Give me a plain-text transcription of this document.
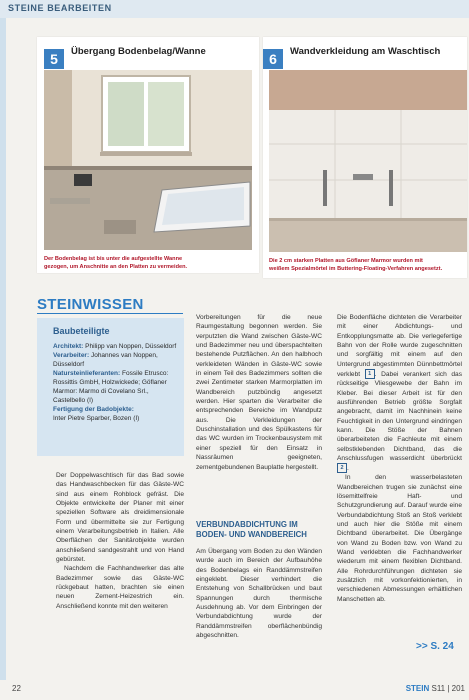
STEINE BEARBEITEN
5	Übergang Bodenbelag/Wanne
Der Bodenbelag ist bis unter die aufgestellte Wanne
gezogen, um Anschnitte an den Platten zu vermeiden.
6	Wandverkleidung am Waschtisch
Die 2 cm starken Platten aus Göflaner Marmor wurden mit
weißem Spezialmörtel im Buttering-Floating-Verfahren angesetzt.
STEINWISSEN
Baubeteiligte
Architekt: Philipp van Noppen, Düsseldorf
Verarbeiter: Johannes van Noppen, Düsseldorf
Natursteinlieferanten: Fossile Etrusco: Rossittis GmbH, Holzwickede; Göflaner Marmor: Marmo di Covelano Srl., Castelbello (I)
Fertigung der Badobjekte:
Inter Pietre Sparber, Bozen (I)

Der Doppelwaschtisch für das Bad sowie das Handwaschbecken für das Gäste-WC sind aus einem Rohblock gefräst. Die Objekte entwickelte der Planer mit einer speziellen Software als dreidimensionale Form und übermittelte sie zur Fertigung einem Verarbeitungsbetrieb in Italien. Alle Oberflächen der Sanitärobjekte wurden anschließend sandgestrahlt und von Hand gebürstet.

Nachdem die Fachhandwerker das alte Badezimmer sowie das Gäste-WC rückgebaut hatten, brachten sie einen neuen Zement-Heizestrich ein. Anschließend konnte mit den weiteren

Vorbereitungen für die neue Raumgestaltung begonnen werden. Sie verputzten die Wand zwischen Gäste-WC und Badezimmer neu und überspachtelten bestehende Putzflächen. An den halbhoch verkleideten Wänden in Gäste-WC sowie in einem Teil des Badezimmers sollten die zwei Zentimeter starken Marmorplatten im Wandbereich putzbündig angesetzt werden. Hier sparten die Verarbeiter die entsprechenden Bereiche im Wandputz aus. Die Verkleidungen der Duschinstallation und des Spülkastens für das WC wurden im Trockenbausystem mit einer speziell für den Einsatz in Nassräumen geeigneten, zementgebundenen Bauplatte hergestellt.

VERBUNDABDICHTUNG IM
BODEN- UND WANDBEREICH

Am Übergang vom Boden zu den Wänden wurde auch im Bereich der Aufbauhöhe des Bodenbelags ein Randdämmstreifen eingeklebt. Dieser verhindert die Entstehung von Schallbrücken und baut Spannungen durch thermische Ausdehnung ab. Vor dem Einbringen der Verbundabdichtung wurde der Randdämmstreifen oberflächenbündig abgeschnitten.

Die Bodenfläche dichteten die Verarbeiter mit einer Abdichtungs- und Entkopplungsmatte ab. Die verlegefertige Bahn von der Rolle wurde zugeschnitten und sorgfältig mit einem auf den Untergrund abgestimmten Dünnbettmörtel verklebt 1 . Dabei verankert sich das rückseitige Vliesgewebe der Bahn im Kleber. Bei dieser Arbeit ist für den ausführenden Betrieb größte Sorgfalt angebracht, damit im Nachhinein keine Feuchtigkeit in den Untergrund eindringen kann. Die Stöße der Bahnen überarbeiteten die Fachleute mit einem selbstklebenden Dichtband, das die Anschlussfugen wasserdicht überbrückt 2 .

In den wasserbelasteten Wandbereichen trugen sie zunächst eine lösemittelfreie Haft- und Schutzgrundierung auf. Darauf wurde eine Verbundabdichtung Stoß an Stoß verklebt und auch hier die Stöße mit einem Dichtband überarbeitet. Die Übergänge von Wand zu Boden bzw. von Wand zu Wand verklebten die Fachhandwerker wiederum mit einem flexiblen Dichtband. Alle Rohrdurchführungen dichteten sie zusätzlich mit vorkonfektionierten, in verschiedenen Abmessungen erhältlichen Manschetten ab.

>> S. 24
22	STEIN S11 | 201
